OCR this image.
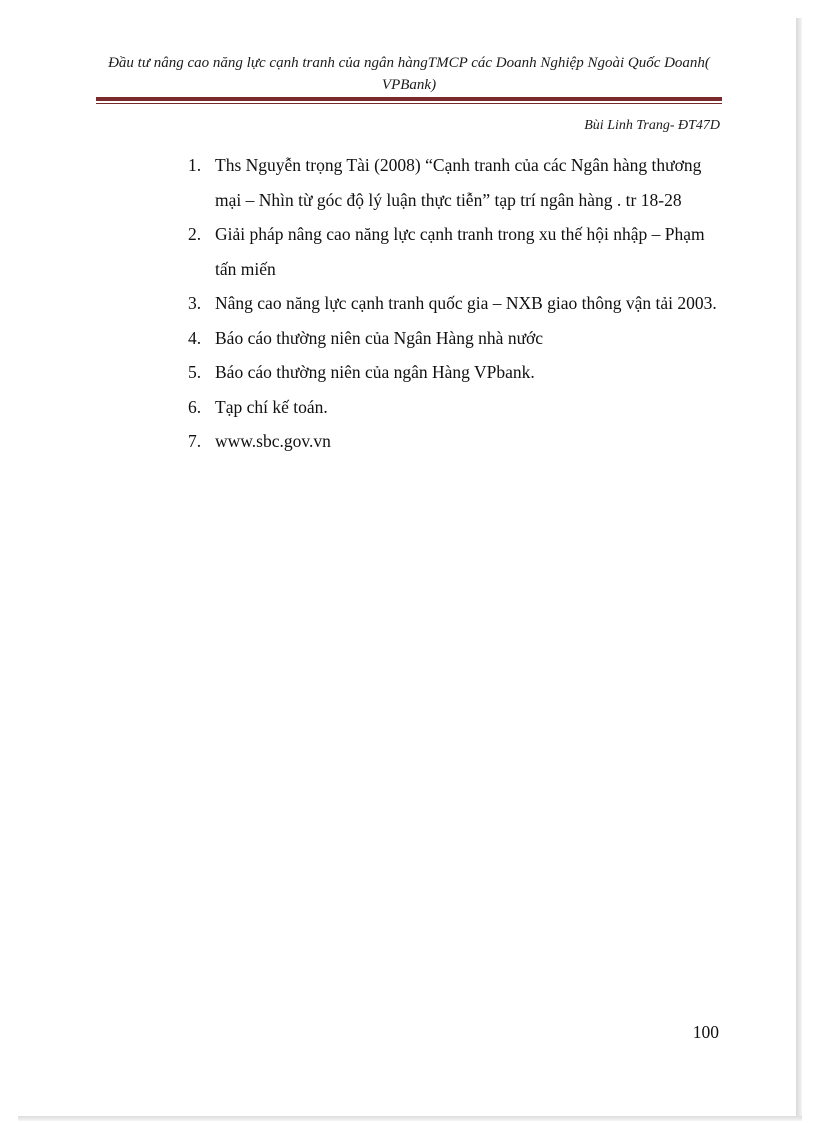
Đầu tư nâng cao năng lực cạnh tranh của ngân hàngTMCP các Doanh Nghiệp Ngoài Quốc Doanh( VPBank)
Bùi Linh Trang- ĐT47D
1. Ths Nguyễn trọng Tài (2008) “Cạnh tranh của các Ngân hàng thương mại – Nhìn từ góc độ lý luận thực tiễn” tạp trí ngân hàng . tr 18-28
2. Giải pháp nâng cao năng lực cạnh tranh trong xu thế hội nhập – Phạm tấn miến
3. Nâng cao năng lực cạnh tranh quốc gia – NXB giao thông vận tải 2003.
4. Báo cáo thường niên của Ngân Hàng nhà nước
5. Báo cáo thường niên của ngân Hàng VPbank.
6. Tạp chí kế toán.
7. www.sbc.gov.vn
100
